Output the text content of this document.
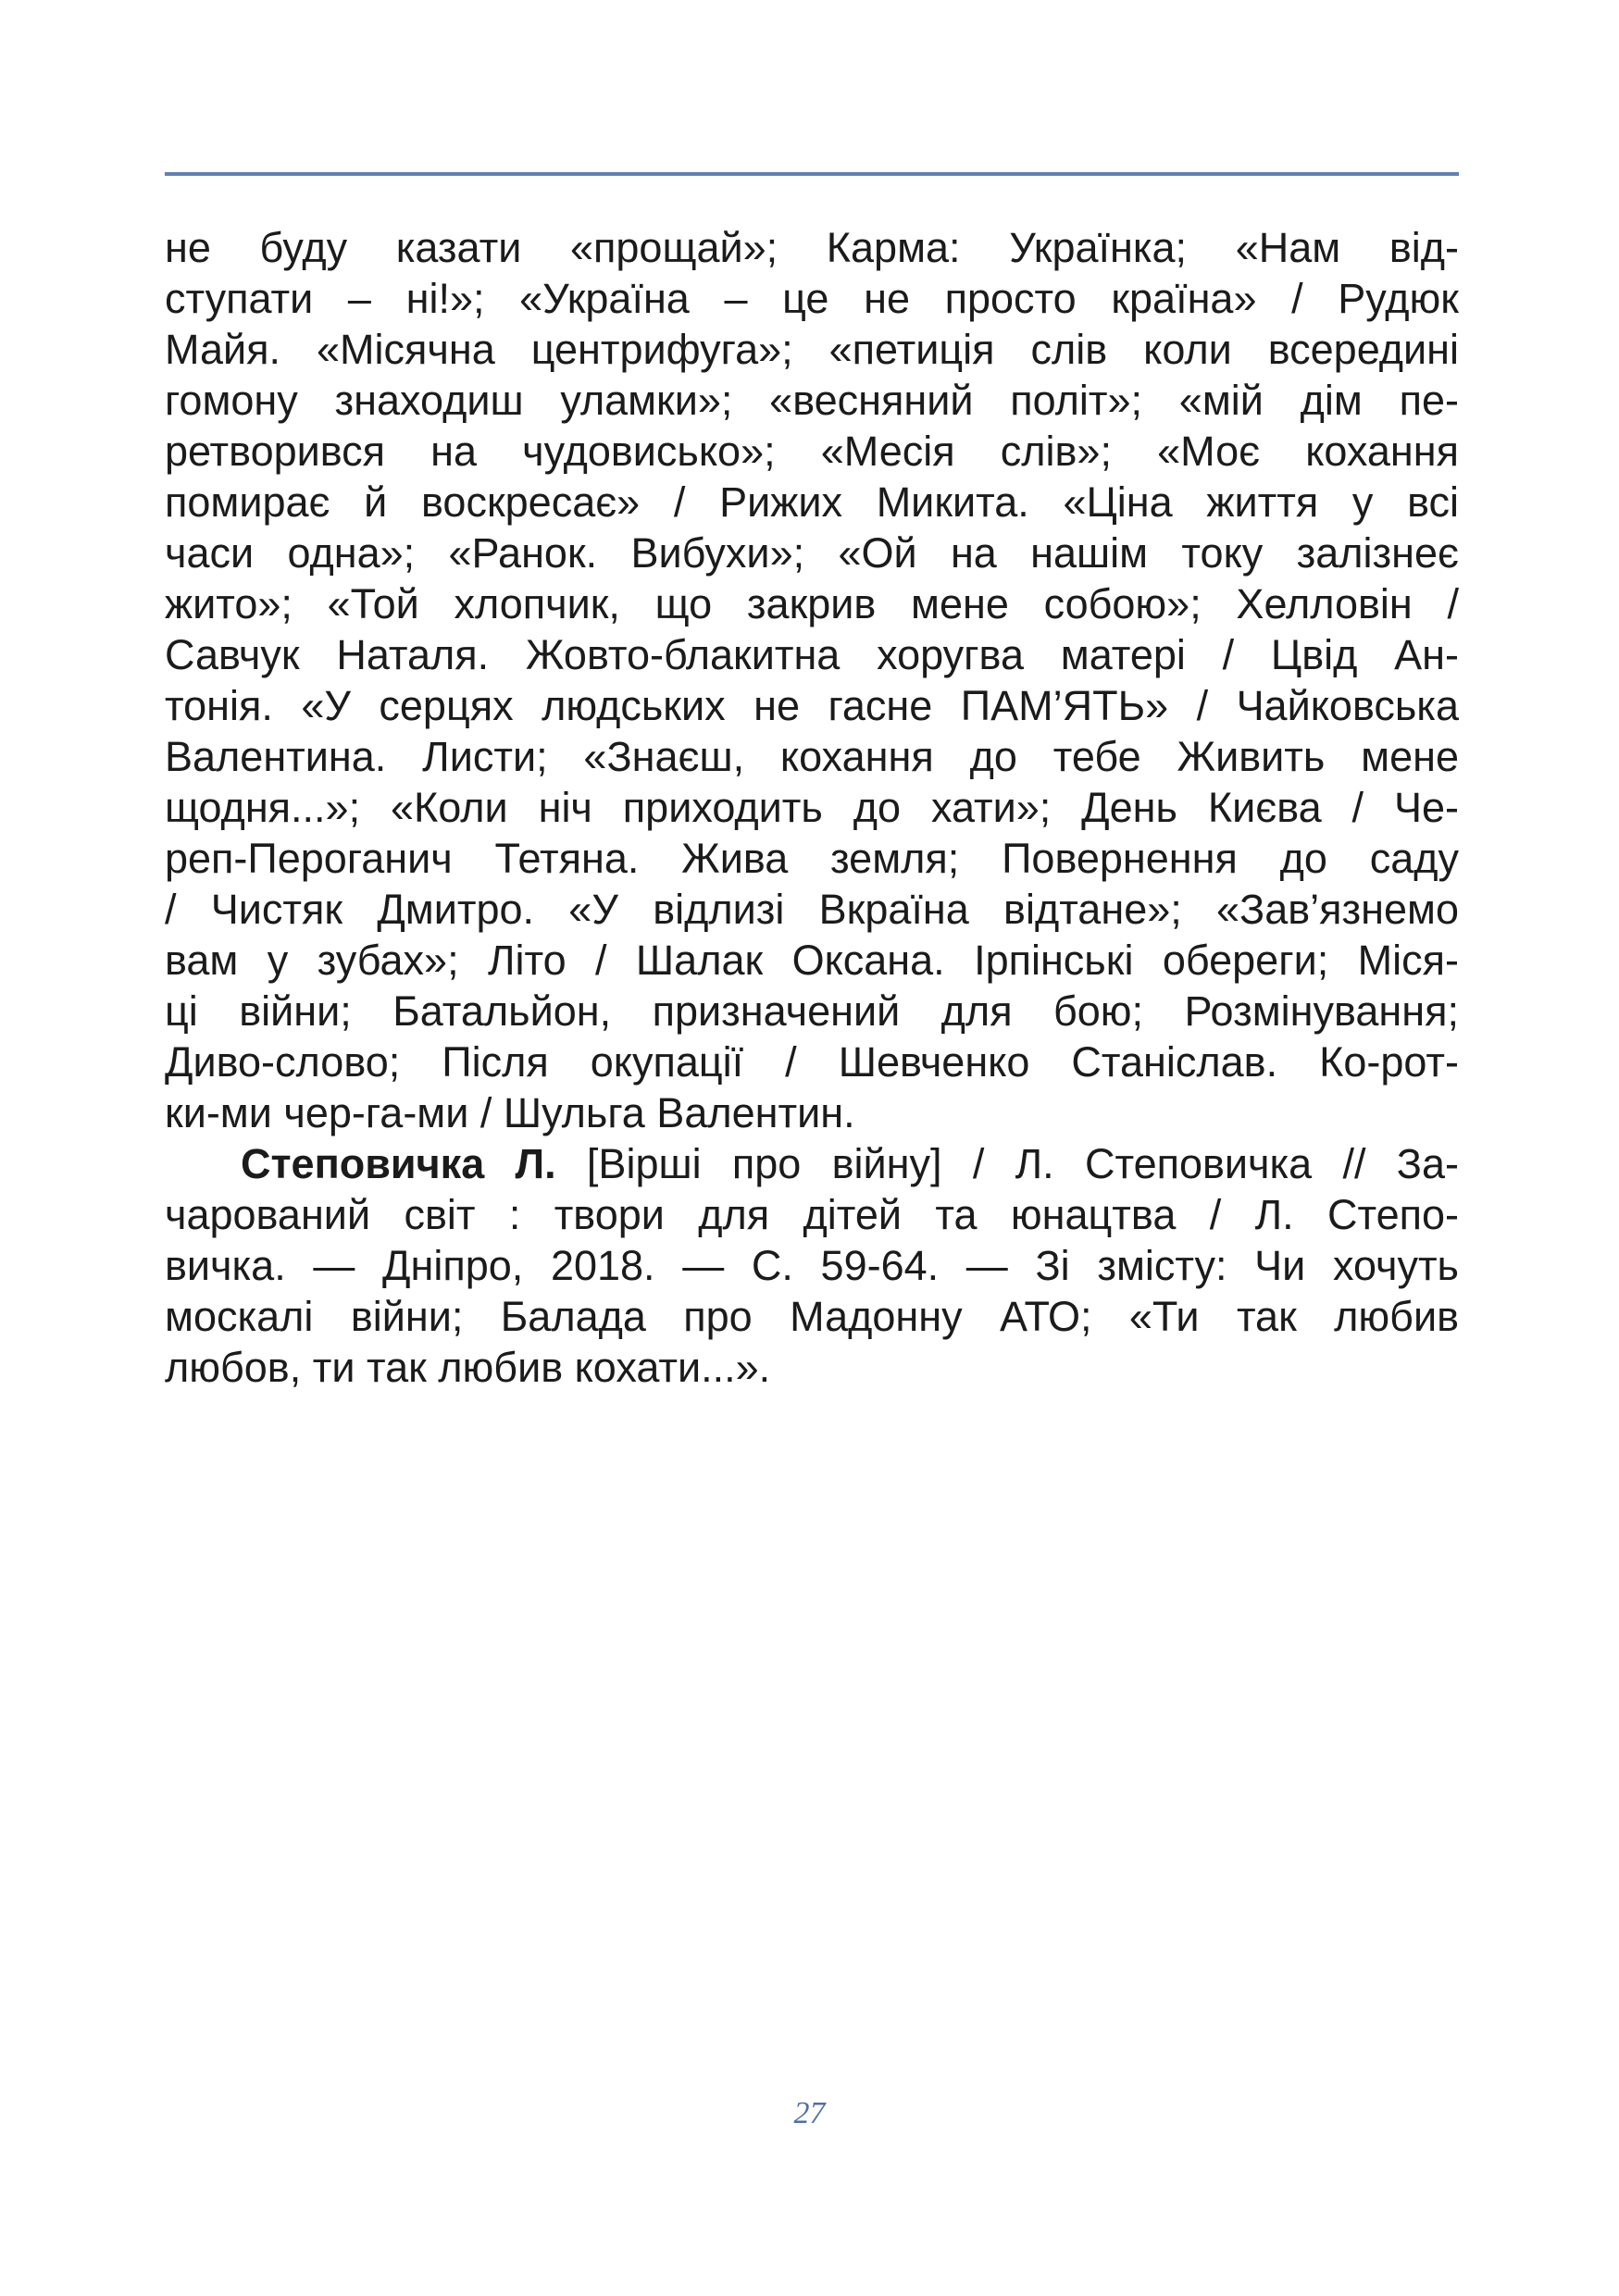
не буду казати «прощай»; Карма: Українка; «Нам від-
ступати – ні!»; «Україна – це не просто країна» / Рудюк
Майя. «Місячна центрифуга»; «петиція слів коли всередині
гомону знаходиш уламки»; «весняний політ»; «мій дім пе-
ретворився на чудовисько»; «Месія слів»; «Моє кохання
помирає й воскресає» / Рижих Микита. «Ціна життя у всі
часи одна»; «Ранок. Вибухи»; «Ой на нашім току залізнеє
жито»; «Той хлопчик, що закрив мене собою»; Хелловін /
Савчук Наталя. Жовто-блакитна хоругва матері / Цвід Ан-
тонія. «У серцях людських не гасне ПАМ’ЯТЬ» / Чайковська
Валентина. Листи; «Знаєш, кохання до тебе Живить мене
щодня...»; «Коли ніч приходить до хати»; День Києва / Че-
реп-Пероганич Тетяна. Жива земля; Повернення до саду
/ Чистяк Дмитро. «У відлизі Вкраїна відтане»; «Зав’язнемо
вам у зубах»; Літо / Шалак Оксана. Ірпінські обереги; Міся-
ці війни; Батальйон, призначений для бою; Розмінування;
Диво-слово; Після окупації / Шевченко Станіслав. Ко-рот-
ки-ми чер-га-ми / Шульга Валентин.
Степовичка Л. [Вірші про війну] / Л. Степовичка // За-
чарований світ : твори для дітей та юнацтва / Л. Степо-
вичка. — Дніпро, 2018. — С. 59-64. — Зі змісту: Чи хочуть
москалі війни; Балада про Мадонну АТО; «Ти так любив
любов, ти так любив кохати...».
27
